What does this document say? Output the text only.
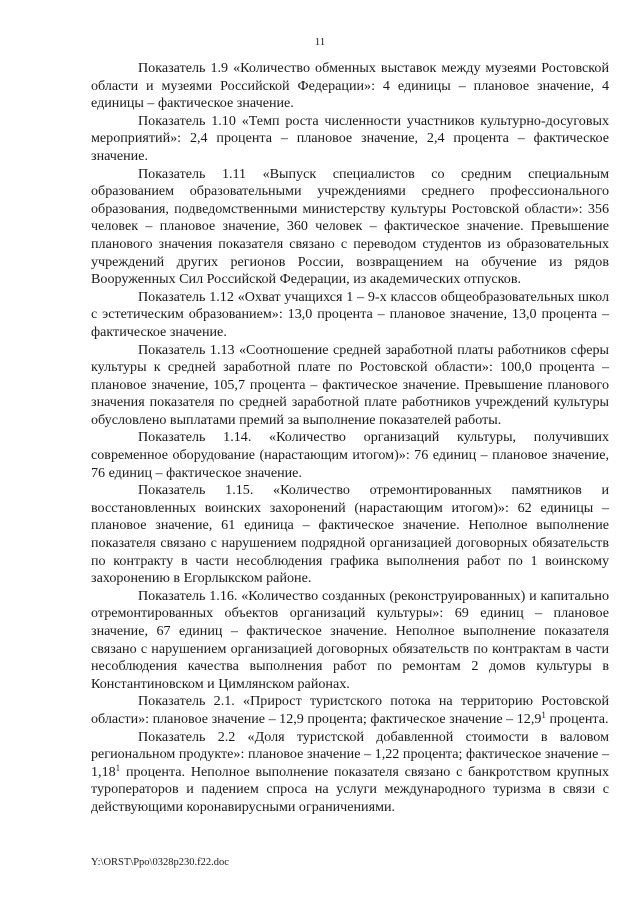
11

Показатель 1.9 «Количество обменных выставок между музеями Ростовской области и музеями Российской Федерации»: 4 единицы – плановое значение, 4 единицы – фактическое значение.

Показатель 1.10 «Темп роста численности участников культурно-досуговых мероприятий»: 2,4 процента – плановое значение, 2,4 процента – фактическое значение.

Показатель 1.11 «Выпуск специалистов со средним специальным образованием образовательными учреждениями среднего профессионального образования, подведомственными министерству культуры Ростовской области»: 356 человек – плановое значение, 360 человек – фактическое значение. Превышение планового значения показателя связано с переводом студентов из образовательных учреждений других регионов России, возвращением на обучение из рядов Вооруженных Сил Российской Федерации, из академических отпусков.

Показатель 1.12 «Охват учащихся 1 – 9-х классов общеобразовательных школ с эстетическим образованием»: 13,0 процента – плановое значение, 13,0 процента – фактическое значение.

Показатель 1.13 «Соотношение средней заработной платы работников сферы культуры к средней заработной плате по Ростовской области»: 100,0 процента – плановое значение, 105,7 процента – фактическое значение. Превышение планового значения показателя по средней заработной плате работников учреждений культуры обусловлено выплатами премий за выполнение показателей работы.

Показатель 1.14. «Количество организаций культуры, получивших современное оборудование (нарастающим итогом)»: 76 единиц – плановое значение, 76 единиц – фактическое значение.

Показатель 1.15. «Количество отремонтированных памятников и восстановленных воинских захоронений (нарастающим итогом)»: 62 единицы – плановое значение, 61 единица – фактическое значение. Неполное выполнение показателя связано с нарушением подрядной организацией договорных обязательств по контракту в части несоблюдения графика выполнения работ по 1 воинскому захоронению в Егорлыкском районе.

Показатель 1.16. «Количество созданных (реконструированных) и капитально отремонтированных объектов организаций культуры»: 69 единиц – плановое значение, 67 единиц – фактическое значение. Неполное выполнение показателя связано с нарушением организацией договорных обязательств по контрактам в части несоблюдения качества выполнения работ по ремонтам 2 домов культуры в Константиновском и Цимлянском районах.

Показатель 2.1. «Прирост туристского потока на территорию Ростовской области»: плановое значение – 12,9 процента; фактическое значение – 12,9$^1$ процента.

Показатель 2.2 «Доля туристской добавленной стоимости в валовом региональном продукте»: плановое значение – 1,22 процента; фактическое значение – 1,18$^1$ процента. Неполное выполнение показателя связано с банкротством крупных туроператоров и падением спроса на услуги международного туризма в связи с действующими коронавирусными ограничениями.

Y:\ORST\Ppo\0328p230.f22.doc
